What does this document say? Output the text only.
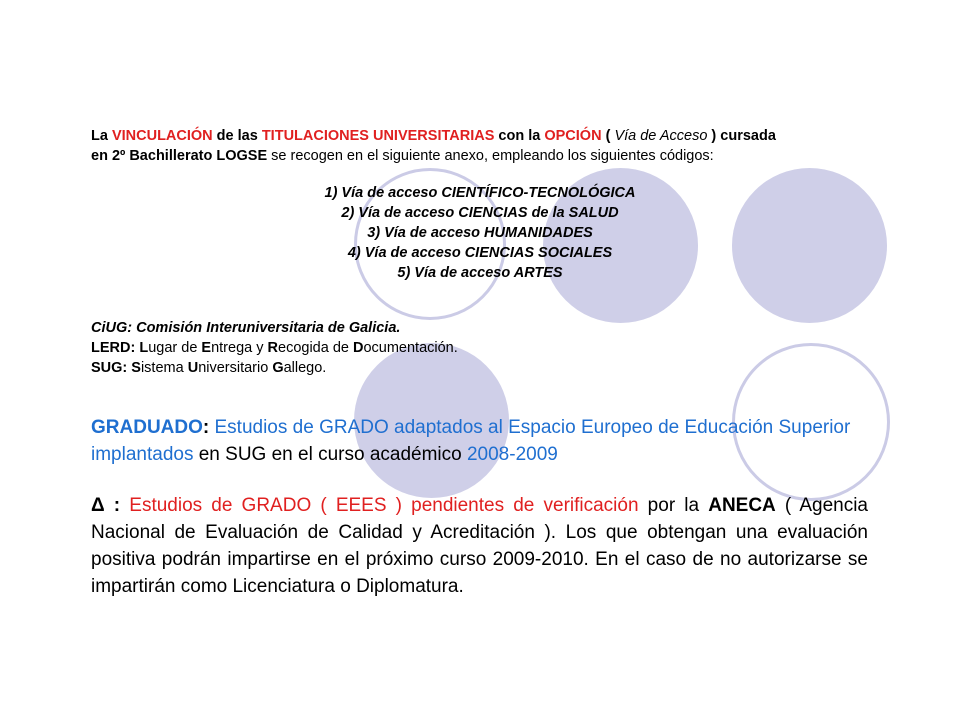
La VINCULACIÓN de las TITULACIONES UNIVERSITARIAS con la OPCIÓN ( Vía de Acceso ) cursada
en 2º Bachillerato LOGSE se recogen en el siguiente anexo, empleando los siguientes códigos:
1) Vía de acceso CIENTÍFICO-TECNOLÓGICA
2) Vía de acceso CIENCIAS de la SALUD
3) Vía de acceso HUMANIDADES
4) Vía de acceso CIENCIAS SOCIALES
5) Vía de acceso ARTES
CiUG: Comisión Interuniversitaria de Galicia.
LERD: Lugar de Entrega y Recogida de Documentación.
SUG: Sistema Universitario Gallego.
GRADUADO: Estudios de GRADO adaptados al Espacio Europeo de Educación Superior implantados en SUG en el curso académico 2008-2009
Δ : Estudios de GRADO ( EEES ) pendientes de verificación por la ANECA ( Agencia Nacional de Evaluación de Calidad y Acreditación ). Los que obtengan una evaluación positiva podrán impartirse en el próximo curso 2009-2010. En el caso de no autorizarse se impartirán como Licenciatura o Diplomatura.
